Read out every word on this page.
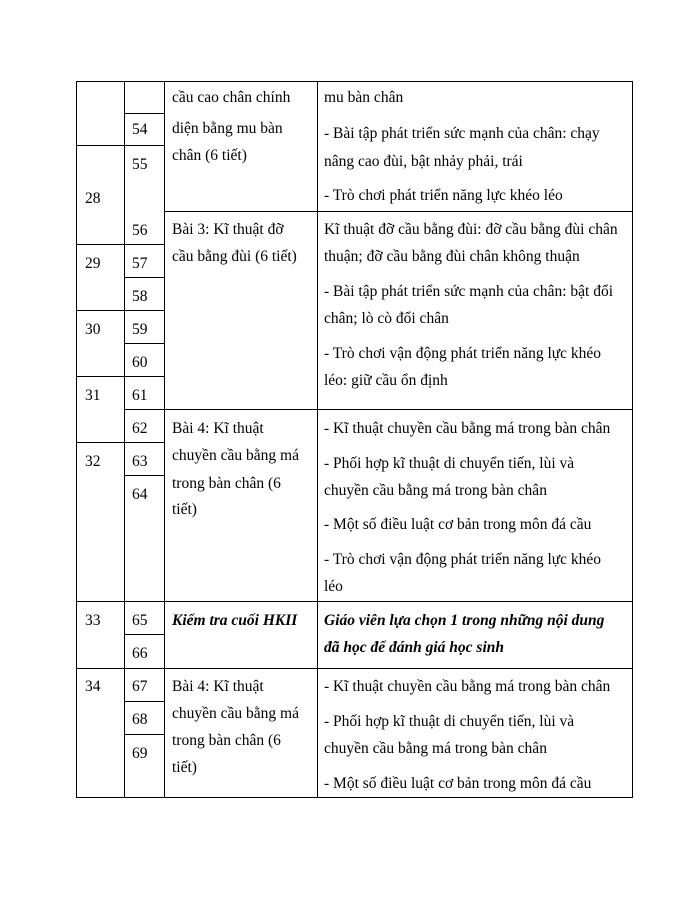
28
29
30
31
32
33
34
54
55
56
57
58
59
60
61
62
63
64
65
66
67
68
69
cầu cao chân chính
diện bằng mu bàn
chân (6 tiết)
Bài 3: Kĩ thuật đỡ
cầu bằng đùi (6 tiết)
Bài 4: Kĩ thuật
chuyền cầu bằng má
trong bàn chân (6
tiết)
Kiểm tra cuối HKII
Bài 4: Kĩ thuật
chuyền cầu bằng má
trong bàn chân (6
tiết)
mu bàn chân
- Bài tập phát triển sức mạnh của chân: chạy
nâng cao đùi, bật nhảy phải, trái
- Trò chơi phát triển năng lực khéo léo
Kĩ thuật đỡ cầu bằng đùi: đỡ cầu bằng đùi chân
thuận; đỡ cầu bằng đùi chân không thuận
- Bài tập phát triển sức mạnh của chân: bật đổi
chân; lò cò đổi chân
- Trò chơi vận động phát triển năng lực khéo
léo: giữ cầu ổn định
- Kĩ thuật chuyền cầu bằng má trong bàn chân
- Phối hợp kĩ thuật di chuyển tiến, lùi và
chuyền cầu bằng má trong bàn chân
- Một số điều luật cơ bản trong môn đá cầu
- Trò chơi vận động phát triển năng lực khéo
léo
Giáo viên lựa chọn 1 trong những nội dung
đã học để đánh giá học sinh
- Kĩ thuật chuyền cầu bằng má trong bàn chân
- Phối hợp kĩ thuật di chuyển tiến, lùi và
chuyền cầu bằng má trong bàn chân
- Một số điều luật cơ bản trong môn đá cầu
